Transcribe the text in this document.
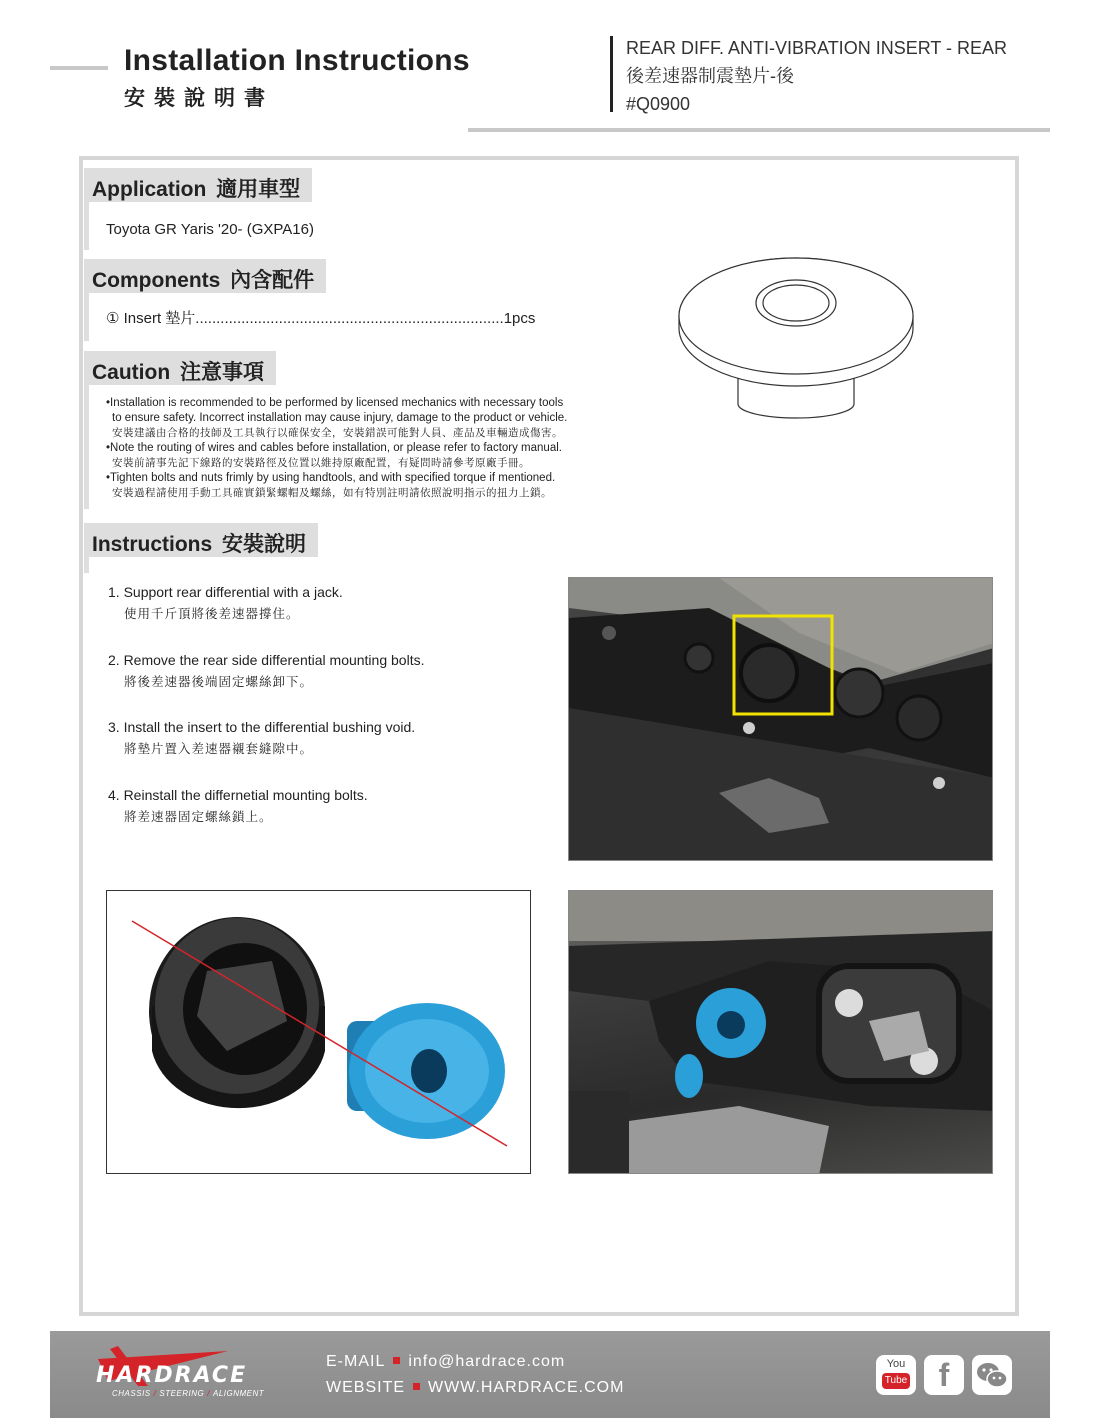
Installation Instructions
安裝說明書
REAR DIFF. ANTI-VIBRATION INSERT - REAR
後差速器制震墊片-後
#Q0900
Application 適用車型
Toyota GR Yaris '20- (GXPA16)
Components 內含配件
① Insert 墊片..........................................................................1pcs
Caution 注意事項
•Installation is recommended to be performed by licensed mechanics with necessary tools
to ensure safety. Incorrect installation may cause injury, damage to the product or vehicle.
安裝建議由合格的技師及工具執行以確保安全，安裝錯誤可能對人員、產品及車輛造成傷害。
•Note the routing of wires and cables before installation, or please refer to factory manual.
安裝前請事先記下線路的安裝路徑及位置以維持原廠配置，有疑問時請參考原廠手冊。
•Tighten bolts and nuts frimly by using handtools, and with specified torque if mentioned.
安裝過程請使用手動工具確實鎖緊螺帽及螺絲，如有特別註明請依照說明指示的扭力上鎖。
Instructions 安裝說明
1. Support rear differential with a jack.
使用千斤頂將後差速器撐住。
2. Remove the rear side differential mounting bolts.
將後差速器後端固定螺絲卸下。
3. Install the insert to the differential bushing void.
將墊片置入差速器襯套縫隙中。
4. Reinstall the differnetial mounting bolts.
將差速器固定螺絲鎖上。
HARDRACE
CHASSIS / STEERING / ALIGNMENT
E-MAIL info@hardrace.com
WEBSITE WWW.HARDRACE.COM
You
Tube f
